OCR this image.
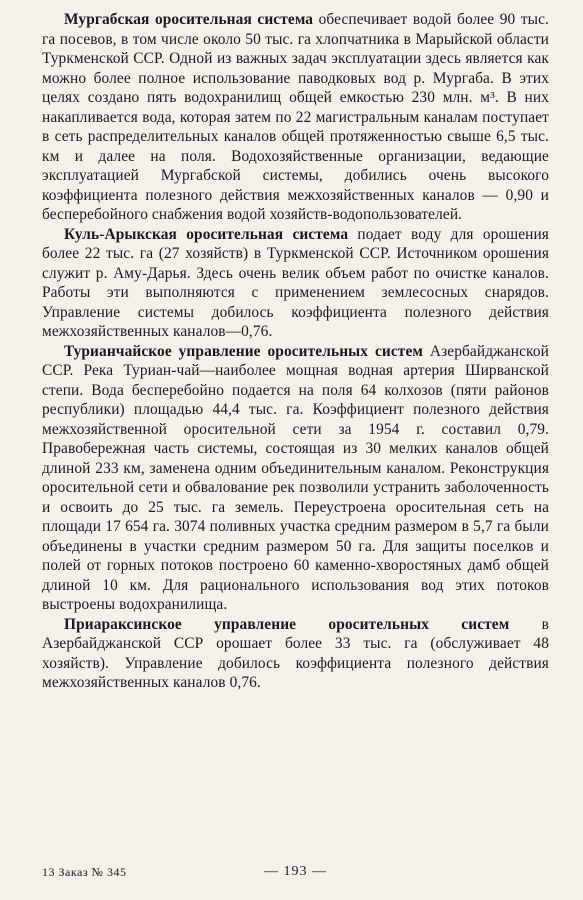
Мургабская оросительная система обеспечивает водой более 90 тыс. га посевов, в том числе около 50 тыс. га хлопчатника в Марыйской области Туркменской ССР. Одной из важных задач эксплуатации здесь является как можно более полное использование паводковых вод р. Мургаба. В этих целях создано пять водохранилищ общей емкостью 230 млн. м³. В них накапливается вода, которая затем по 22 магистральным каналам поступает в сеть распределительных каналов общей протяженностью свыше 6,5 тыс. км и далее на поля. Водохозяйственные организации, ведающие эксплуатацией Мургабской системы, добились очень высокого коэффициента полезного действия межхозяйственных каналов — 0,90 и бесперебойного снабжения водой хозяйств-водопользователей.

Куль-Арыкская оросительная система подает воду для орошения более 22 тыс. га (27 хозяйств) в Туркменской ССР. Источником орошения служит р. Аму-Дарья. Здесь очень велик объем работ по очистке каналов. Работы эти выполняются с применением землесосных снарядов. Управление системы добилось коэффициента полезного действия межхозяйственных каналов—0,76.

Турианчайское управление оросительных систем Азербайджанской ССР. Река Туриан-чай—наиболее мощная водная артерия Ширванской степи. Вода бесперебойно подается на поля 64 колхозов (пяти районов республики) площадью 44,4 тыс. га. Коэффициент полезного действия межхозяйственной оросительной сети за 1954 г. составил 0,79. Правобережная часть системы, состоящая из 30 мелких каналов общей длиной 233 км, заменена одним объединительным каналом. Реконструкция оросительной сети и обвалование рек позволили устранить заболоченность и освоить до 25 тыс. га земель. Переустроена оросительная сеть на площади 17 654 га. 3074 поливных участка средним размером в 5,7 га были объединены в участки средним размером 50 га. Для защиты поселков и полей от горных потоков построено 60 каменно-хворостяных дамб общей длиной 10 км. Для рационального использования вод этих потоков выстроены водохранилища.

Приараксинское управление оросительных систем в Азербайджанской ССР орошает более 33 тыс. га (обслуживает 48 хозяйств). Управление добилось коэффициента полезного действия межхозяйственных каналов 0,76.

13 Заказ № 345	— 193 —
